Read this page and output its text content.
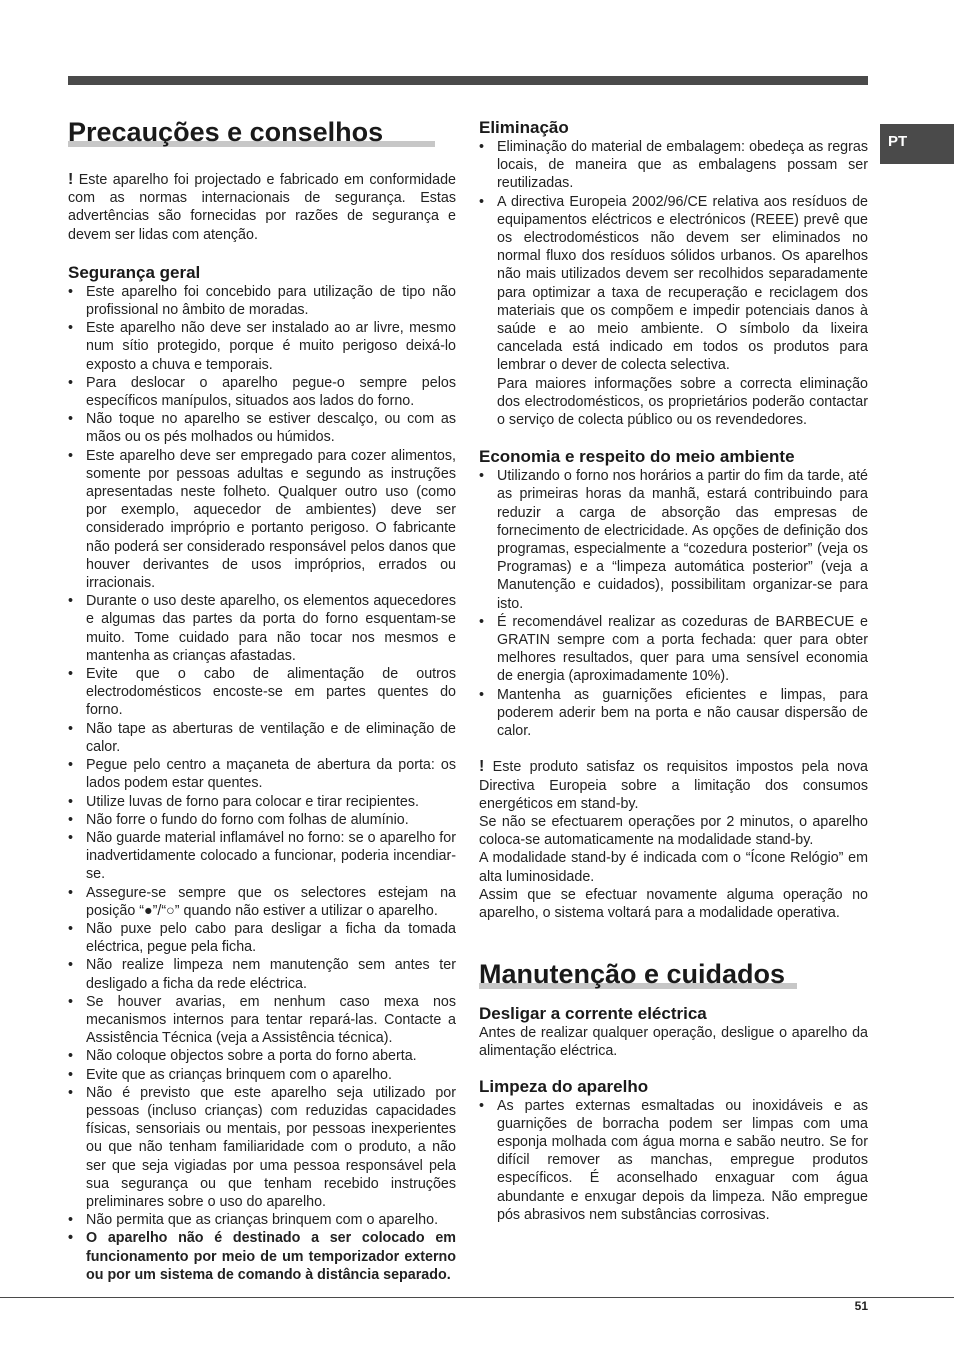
PT
Precauções e conselhos

! Este aparelho foi projectado e fabricado em conformidade com as normas internacionais de segurança. Estas advertências são fornecidas por razões de segurança e devem ser lidas com atenção.

Segurança geral
• Este aparelho foi concebido para utilização de tipo não profissional no âmbito de moradas.
• Este aparelho não deve ser instalado ao ar livre, mesmo num sítio protegido, porque é muito perigoso deixá-lo exposto a chuva e temporais.
• Para deslocar o aparelho pegue-o sempre pelos específicos manípulos, situados aos lados do forno.
• Não toque no aparelho se estiver descalço, ou com as mãos ou os pés molhados ou húmidos.
• Este aparelho deve ser empregado para cozer alimentos, somente por pessoas adultas e segundo as instruções apresentadas neste folheto. Qualquer outro uso (como por exemplo, aquecedor de ambientes) deve ser considerado impróprio e portanto perigoso. O fabricante não poderá ser considerado responsável pelos danos que houver derivantes de usos impróprios, errados ou irracionais.
• Durante o uso deste aparelho, os elementos aquecedores e algumas das partes da porta do forno esquentam-se muito. Tome cuidado para não tocar nos mesmos e mantenha as crianças afastadas.
• Evite que o cabo de alimentação de outros electrodomésticos encoste-se em partes quentes do forno.
• Não tape as aberturas de ventilação e de eliminação de calor.
• Pegue pelo centro a maçaneta de abertura da porta: os lados podem estar quentes.
• Utilize luvas de forno para colocar e tirar recipientes.
• Não forre o fundo do forno com folhas de alumínio.
• Não guarde material inflamável no forno: se o aparelho for inadvertidamente colocado a funcionar, poderia incendiar-se.
• Assegure-se sempre que os selectores estejam na posição “●”/“○” quando não estiver a utilizar o aparelho.
• Não puxe pelo cabo para desligar a ficha da tomada eléctrica, pegue pela ficha.
• Não realize limpeza nem manutenção sem antes ter desligado a ficha da rede eléctrica.
• Se houver avarias, em nenhum caso mexa nos mecanismos internos para tentar repará-las. Contacte a Assistência Técnica (veja a Assistência técnica).
• Não coloque objectos sobre a porta do forno aberta.
• Evite que as crianças brinquem com o aparelho.
• Não é previsto que este aparelho seja utilizado por pessoas (incluso crianças) com reduzidas capacidades físicas, sensoriais ou mentais, por pessoas inexperientes ou que não tenham familiaridade com o produto, a não ser que seja vigiadas por uma pessoa responsável pela sua segurança ou que tenham recebido instruções preliminares sobre o uso do aparelho.
• Não permita que as crianças brinquem com o aparelho.
• O aparelho não é destinado a ser colocado em funcionamento por meio de um temporizador externo ou por um sistema de comando à distância separado.
Eliminação
• Eliminação do material de embalagem: obedeça as regras locais, de maneira que as embalagens possam ser reutilizadas.
• A directiva Europeia 2002/96/CE relativa aos resíduos de equipamentos eléctricos e electrónicos (REEE) prevê que os electrodomésticos não devem ser eliminados no normal fluxo dos resíduos sólidos urbanos. Os aparelhos não mais utilizados devem ser recolhidos separadamente para optimizar a taxa de recuperação e reciclagem dos materiais que os compõem e impedir potenciais danos à saúde e ao meio ambiente. O símbolo da lixeira cancelada está indicado em todos os produtos para lembrar o dever de colecta selectiva.

Para maiores informações sobre a correcta eliminação dos electrodomésticos, os proprietários poderão contactar o serviço de colecta público ou os revendedores.

Economia e respeito do meio ambiente
• Utilizando o forno nos horários a partir do fim da tarde, até as primeiras horas da manhã, estará contribuindo para reduzir a carga de absorção das empresas de fornecimento de electricidade. As opções de definição dos programas, especialmente a “cozedura posterior” (veja os Programas) e a “limpeza automática posterior” (veja a Manutenção e cuidados), possibilitam organizar-se para isto.
• É recomendável realizar as cozeduras de BARBECUE e GRATIN sempre com a porta fechada: quer para obter melhores resultados, quer para uma sensível economia de energia (aproximadamente 10%).
• Mantenha as guarnições eficientes e limpas, para poderem aderir bem na porta e não causar dispersão de calor.

! Este produto satisfaz os requisitos impostos pela nova Directiva Europeia sobre a limitação dos consumos energéticos em stand-by.

Se não se efectuarem operações por 2 minutos, o aparelho coloca-se automaticamente na modalidade stand-by.

A modalidade stand-by é indicada com o “Ícone Relógio” em alta luminosidade.

Assim que se efectuar novamente alguma operação no aparelho, o sistema voltará para a modalidade operativa.

Manutenção e cuidados
Desligar a corrente eléctrica

Antes de realizar qualquer operação, desligue o aparelho da alimentação eléctrica.

Limpeza do aparelho
• As partes externas esmaltadas ou inoxidáveis e as guarnições de borracha podem ser limpas com uma esponja molhada com água morna e sabão neutro. Se for difícil remover as manchas, empregue produtos específicos. É aconselhado enxaguar com água abundante e enxugar depois da limpeza. Não empregue pós abrasivos nem substâncias corrosivas.
51
